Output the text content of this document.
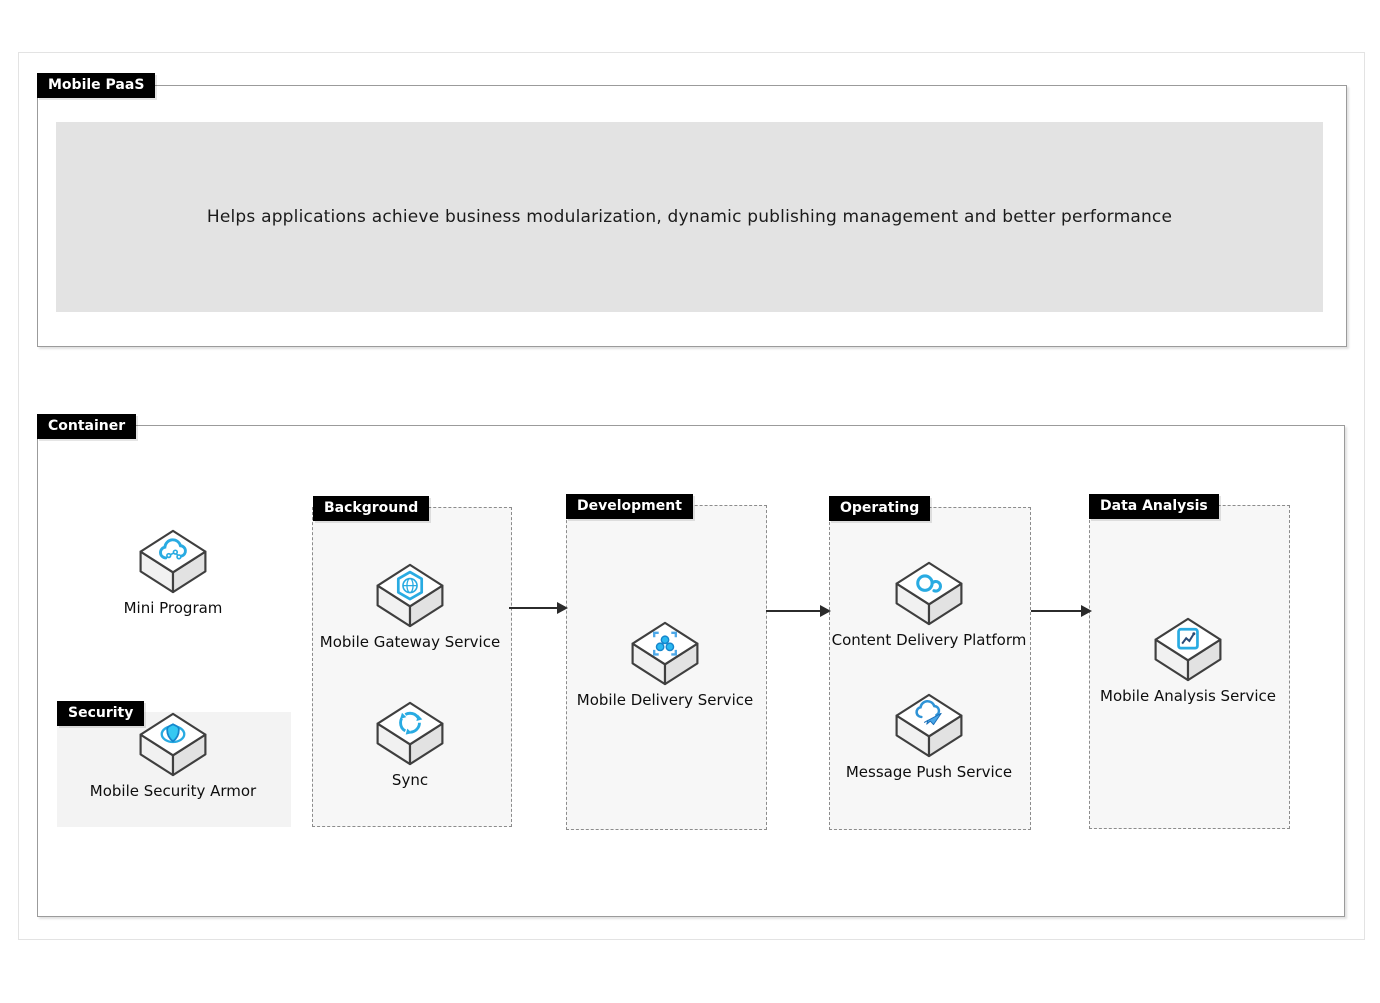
Mobile PaaS
Helps applications achieve business modularization, dynamic publishing management and better performance
Container
Security
Background	Development	Operating	Data Analysis
Mini Program
Mobile Security Armor
Mobile Gateway Service
Sync
Mobile Delivery Service
Content Delivery Platform
Message Push Service
Mobile Analysis Service
